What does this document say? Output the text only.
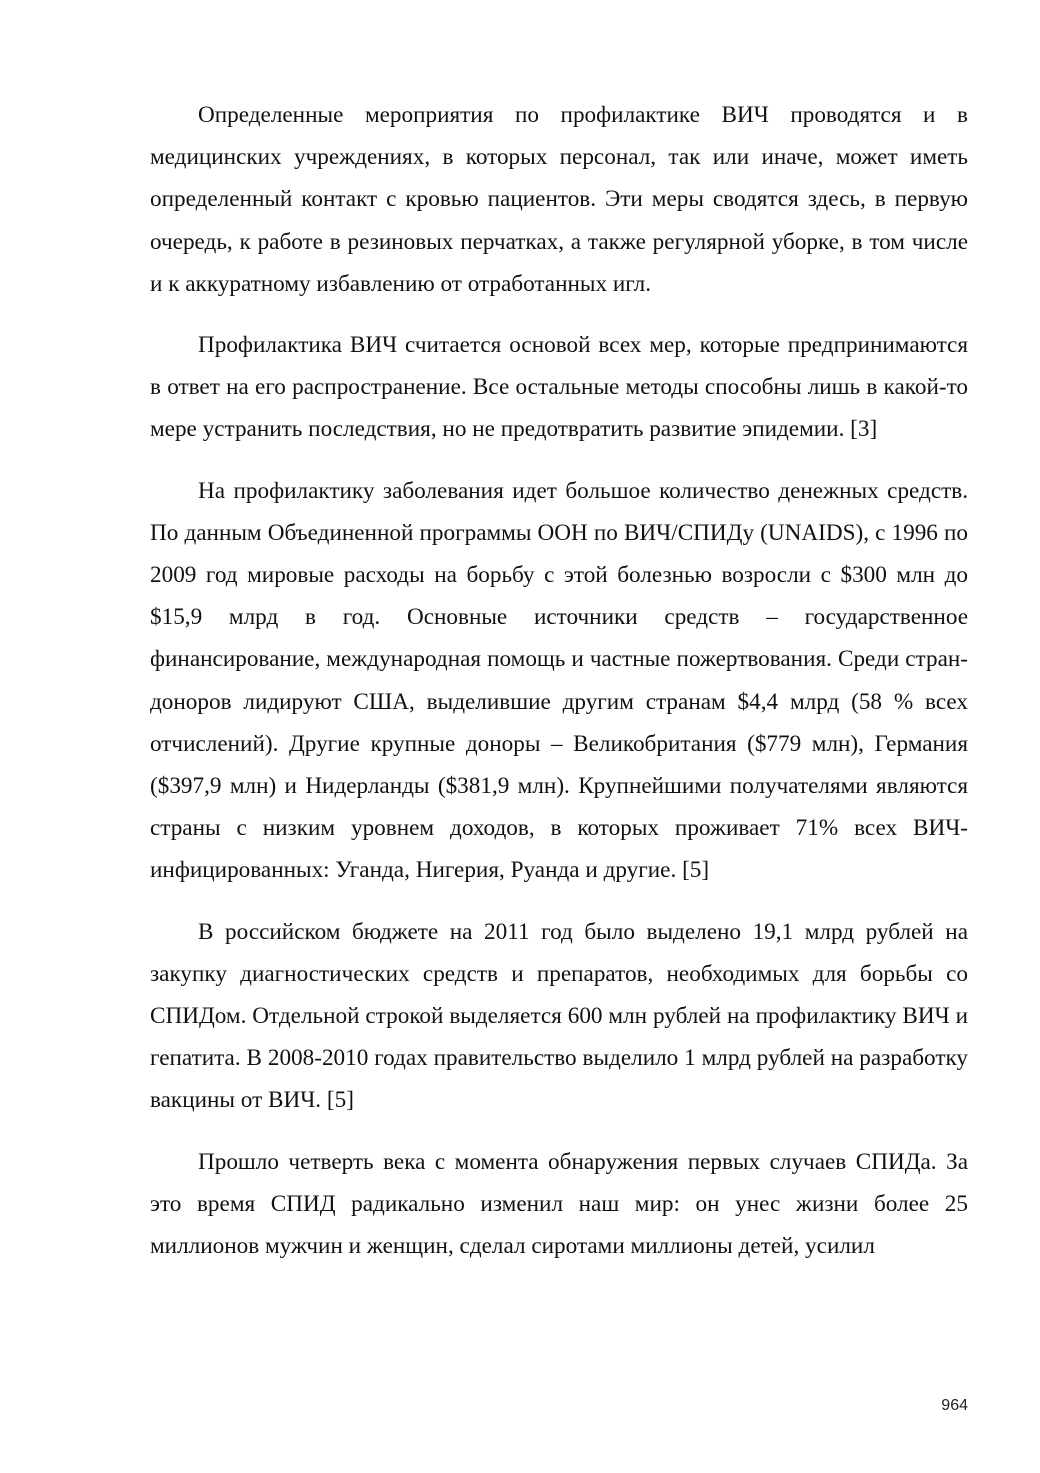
Определенные мероприятия по профилактике ВИЧ проводятся и в медицинских учреждениях, в которых персонал, так или иначе, может иметь определенный контакт с кровью пациентов. Эти меры сводятся здесь, в первую очередь, к работе в резиновых перчатках, а также регулярной уборке, в том числе и к аккуратному избавлению от отработанных игл.

Профилактика ВИЧ считается основой всех мер, которые предпринимаются в ответ на его распространение. Все остальные методы способны лишь в какой-то мере устранить последствия, но не предотвратить развитие эпидемии. [3]

На профилактику заболевания идет большое количество денежных средств. По данным Объединенной программы ООН по ВИЧ/СПИДу (UNAIDS), с 1996 по 2009 год мировые расходы на борьбу с этой болезнью возросли с $300 млн до $15,9 млрд в год. Основные источники средств – государственное финансирование, международная помощь и частные пожертвования. Среди стран-доноров лидируют США, выделившие другим странам $4,4 млрд (58 % всех отчислений). Другие крупные доноры – Великобритания ($779 млн), Германия ($397,9 млн) и Нидерланды ($381,9 млн). Крупнейшими получателями являются страны с низким уровнем доходов, в которых проживает 71% всех ВИЧ-инфицированных: Уганда, Нигерия, Руанда и другие. [5]

В российском бюджете на 2011 год было выделено 19,1 млрд рублей на закупку диагностических средств и препаратов, необходимых для борьбы со СПИДом. Отдельной строкой выделяется 600 млн рублей на профилактику ВИЧ и гепатита. В 2008-2010 годах правительство выделило 1 млрд рублей на разработку вакцины от ВИЧ. [5]

Прошло четверть века с момента обнаружения первых случаев СПИДа. За это время СПИД радикально изменил наш мир: он унес жизни более 25 миллионов мужчин и женщин, сделал сиротами миллионы детей, усилил

964
